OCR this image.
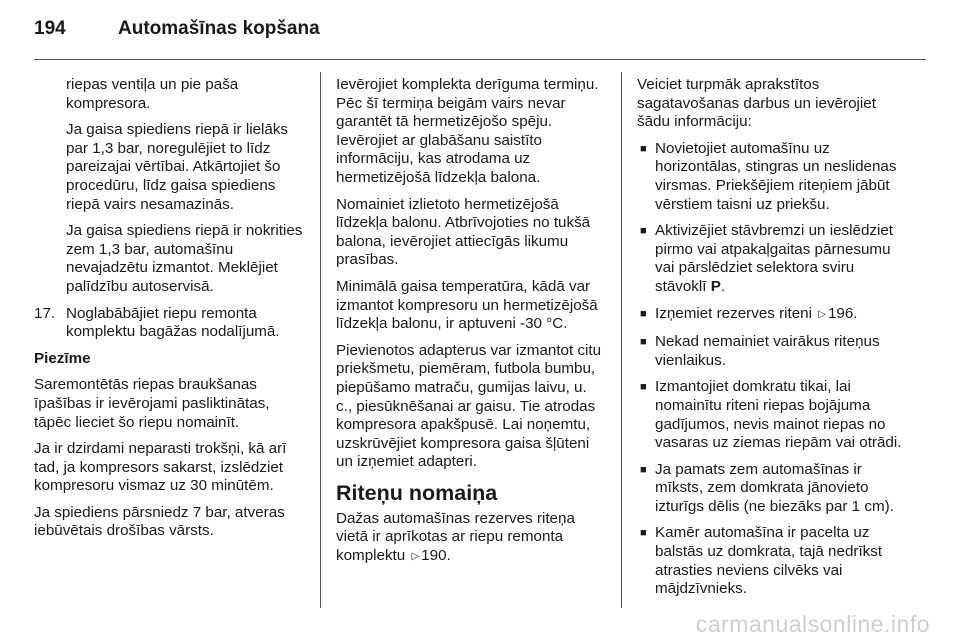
194	Automašīnas kopšana

riepas ventiļa un pie paša kompresora.

Ja gaisa spiediens riepā ir lielāks par 1,3 bar, noregulējiet to līdz pareizajai vērtībai. Atkārtojiet šo procedūru, līdz gaisa spiediens riepā vairs nesamazinās.

Ja gaisa spiediens riepā ir nokrities zem 1,3 bar, automašīnu nevajadzētu izmantot. Meklējiet palīdzību autoservisā.

17. Noglabābājiet riepu remonta komplektu bagāžas nodalījumā.

Piezīme

Saremontētās riepas braukšanas īpašības ir ievērojami pasliktinātas, tāpēc lieciet šo riepu nomainīt.

Ja ir dzirdami neparasti trokšņi, kā arī tad, ja kompresors sakarst, izslēdziet kompresoru vismaz uz 30 minūtēm.

Ja spiediens pārsniedz 7 bar, atveras iebūvētais drošības vārsts.

Ievērojiet komplekta derīguma termiņu. Pēc šī termiņa beigām vairs nevar garantēt tā hermetizējošo spēju. Ievērojiet ar glabāšanu saistīto informāciju, kas atrodama uz hermetizējošā līdzekļa balona.

Nomainiet izlietoto hermetizējošā līdzekļa balonu. Atbrīvojoties no tukšā balona, ievērojiet attiecīgās likumu prasības.

Minimālā gaisa temperatūra, kādā var izmantot kompresoru un hermetizējošā līdzekļa balonu, ir aptuveni -30 °C.

Pievienotos adapterus var izmantot citu priekšmetu, piemēram, futbola bumbu, piepūšamo matraču, gumijas laivu, u. c., piesūknēšanai ar gaisu. Tie atrodas kompresora apakšpusē. Lai noņemtu, uzskrūvējiet kompresora gaisa šļūteni un izņemiet adapteri.

Riteņu nomaiņa

Dažas automašīnas rezerves riteņa vietā ir aprīkotas ar riepu remonta komplektu ▷ 190.

Veiciet turpmāk aprakstītos sagatavošanas darbus un ievērojiet šādu informāciju:

■ Novietojiet automašīnu uz horizontālas, stingras un neslidenas virsmas. Priekšējiem riteņiem jābūt vērstiem taisni uz priekšu.
■ Aktivizējiet stāvbremzi un ieslēdziet pirmo vai atpakaļgaitas pārnesumu vai pārslēdziet selektora sviru stāvoklī P.
■ Izņemiet rezerves riteni ▷ 196.
■ Nekad nemainiet vairākus riteņus vienlaikus.
■ Izmantojiet domkratu tikai, lai nomainītu riteni riepas bojājuma gadījumos, nevis mainot riepas no vasaras uz ziemas riepām vai otrādi.
■ Ja pamats zem automašīnas ir mīksts, zem domkrata jānovieto izturīgs dēlis (ne biezāks par 1 cm).
■ Kamēr automašīna ir pacelta uz balstās uz domkrata, tajā nedrīkst atrasties neviens cilvēks vai mājdzīvnieks.
carmanualsonline.info
